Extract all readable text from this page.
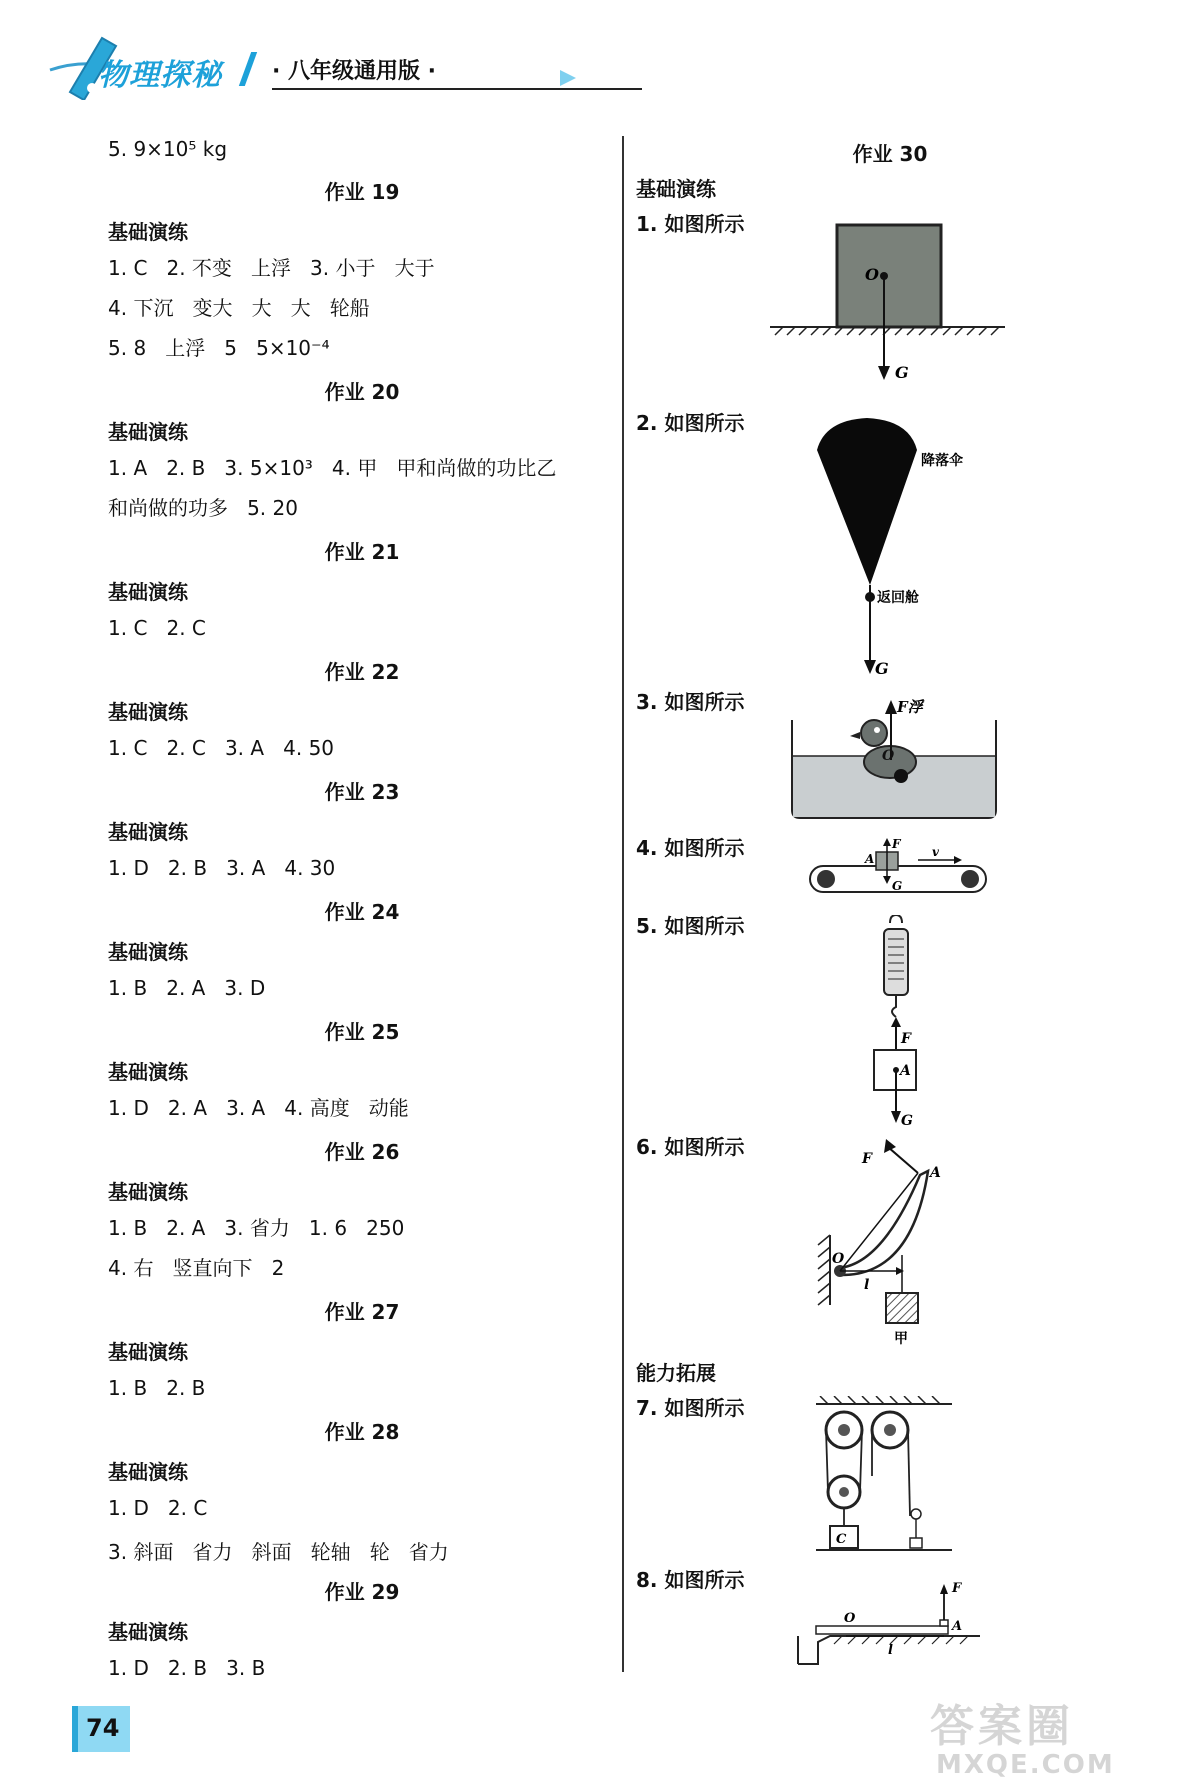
物理探秘 · 八年级通用版 ·
5. 9×10⁵ kg
作业 19
基础演练
1. C   2. 不变   上浮   3. 小于   大于
4. 下沉   变大   大   大   轮船
5. 8   上浮   5   5×10⁻⁴
作业 20
基础演练
1. A   2. B   3. 5×10³   4. 甲   甲和尚做的功比乙
和尚做的功多   5. 20
作业 21
基础演练
1. C   2. C
作业 22
基础演练
1. C   2. C   3. A   4. 50
作业 23
基础演练
1. D   2. B   3. A   4. 30
作业 24
基础演练
1. B   2. A   3. D
作业 25
基础演练
1. D   2. A   3. A   4. 高度   动能
作业 26
基础演练
1. B   2. A   3. 省力   1. 6   250
4. 右   竖直向下   2
作业 27
基础演练
1. B   2. B
作业 28
基础演练
1. D   2. C
3. 斜面   省力   斜面   轮轴   轮   省力
作业 29
基础演练
1. D   2. B   3. B
作业 30
基础演练
1. 如图所示
2. 如图所示
3. 如图所示
4. 如图所示
5. 如图所示
6. 如图所示
能力拓展
7. 如图所示
8. 如图所示
O
G
降落伞
返回舱
G
F浮
O
A
F
G
v
F
A
G
F
A
O
l
甲
C
O
F
A
l
74	答案圈
MXQE.COM
